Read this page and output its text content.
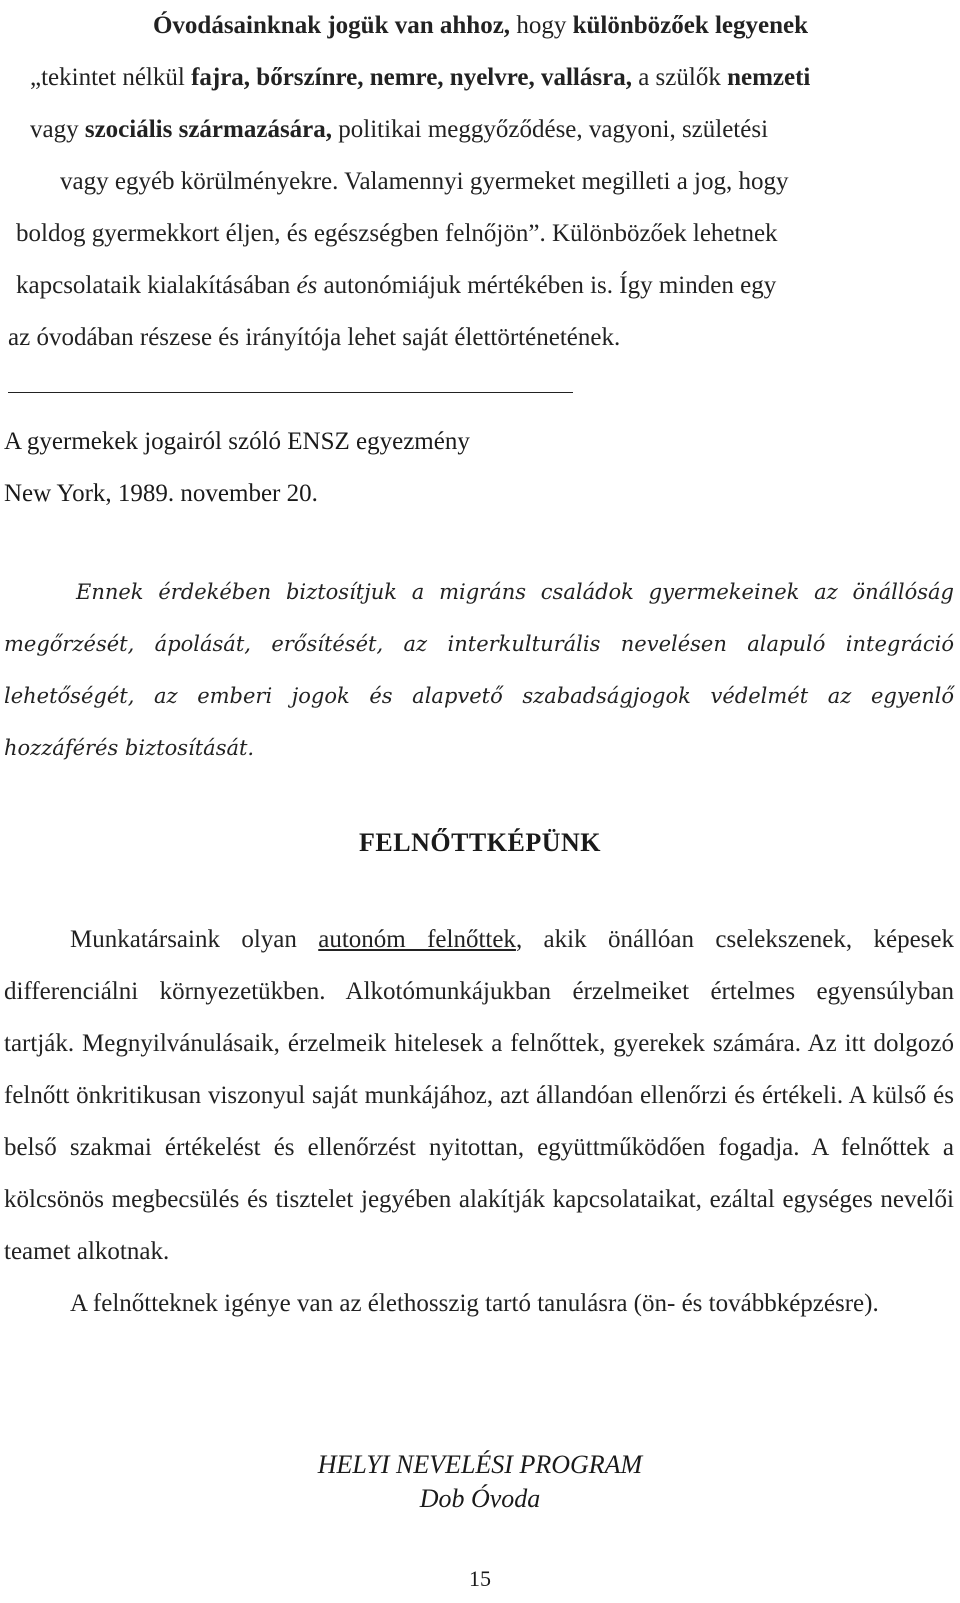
Óvodásainknak jogük van ahhoz, hogy különbözőek legyenek

„tekintet nélkül fajra, bőrszínre, nemre, nyelvre, vallásra, a szülők nemzeti

vagy szociális származására, politikai meggyőződése, vagyoni, születési

vagy egyéb körülményekre. Valamennyi gyermeket megilleti a jog, hogy

boldog gyermekkort éljen, és egészségben felnőjön”. Különbözőek lehetnek

kapcsolataik kialakításában és autonómiájuk mértékében is. Így minden egy

az óvodában részese és irányítója lehet saját élettörténetének.

A gyermekek jogairól szóló ENSZ egyezmény
New York, 1989. november 20.

Ennek érdekében biztosítjuk a migráns családok gyermekeinek az önállóság megőrzését, ápolását, erősítését, az interkulturális nevelésen alapuló integráció lehetőségét, az emberi jogok és alapvető szabadságjogok védelmét az egyenlő hozzáférés biztosítását.

FELNŐTTKÉPÜNK

Munkatársaink olyan autonóm felnőttek, akik önállóan cselekszenek, képesek differenciálni környezetükben. Alkotómunkájukban érzelmeiket értelmes egyensúlyban tartják. Megnyilvánulásaik, érzelmeik hitelesek a felnőttek, gyerekek számára. Az itt dolgozó felnőtt önkritikusan viszonyul saját munkájához, azt állandóan ellenőrzi és értékeli. A külső és belső szakmai értékelést és ellenőrzést nyitottan, együttműködően fogadja. A felnőttek a kölcsönös megbecsülés és tisztelet jegyében alakítják kapcsolataikat, ezáltal egységes nevelői teamet alkotnak.

A felnőtteknek igénye van az élethosszig tartó tanulásra (ön- és továbbképzésre).

HELYI NEVELÉSI PROGRAM
Dob Óvoda
15
